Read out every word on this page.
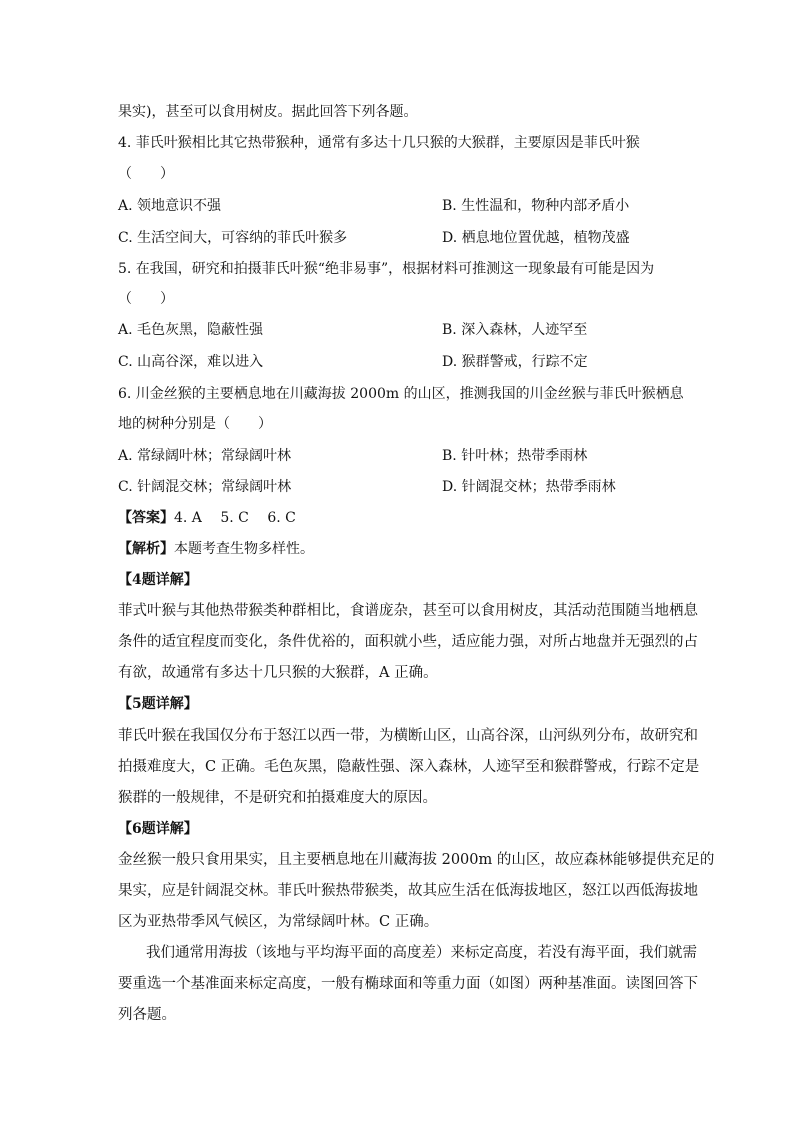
果实)，甚至可以食用树皮。据此回答下列各题。
4. 菲氏叶猴相比其它热带猴种，通常有多达十几只猴的大猴群，主要原因是菲氏叶猴
（　　）
A. 领地意识不强	B. 生性温和，物种内部矛盾小
C. 生活空间大，可容纳的菲氏叶猴多	D. 栖息地位置优越，植物茂盛
5. 在我国，研究和拍摄菲氏叶猴“绝非易事”，根据材料可推测这一现象最有可能是因为
（　　）
A. 毛色灰黑，隐蔽性强	B. 深入森林，人迹罕至
C. 山高谷深，难以进入	D. 猴群警戒，行踪不定
6. 川金丝猴的主要栖息地在川藏海拔 2000m 的山区，推测我国的川金丝猴与菲氏叶猴栖息
地的树种分别是（　　）
A. 常绿阔叶林；常绿阔叶林	B. 针叶林；热带季雨林
C. 针阔混交林；常绿阔叶林	D. 针阔混交林；热带季雨林
【答案】4. A　 5. C　 6. C
【解析】本题考查生物多样性。
【4题详解】
菲式叶猴与其他热带猴类种群相比，食谱庞杂，甚至可以食用树皮，其活动范围随当地栖息
条件的适宜程度而变化，条件优裕的，面积就小些，适应能力强，对所占地盘并无强烈的占
有欲，故通常有多达十几只猴的大猴群，A 正确。
【5题详解】
菲氏叶猴在我国仅分布于怒江以西一带，为横断山区，山高谷深，山河纵列分布，故研究和
拍摄难度大，C 正确。毛色灰黑，隐蔽性强、深入森林，人迹罕至和猴群警戒，行踪不定是
猴群的一般规律，不是研究和拍摄难度大的原因。
【6题详解】
金丝猴一般只食用果实，且主要栖息地在川藏海拔 2000m 的山区，故应森林能够提供充足的
果实，应是针阔混交林。菲氏叶猴热带猴类，故其应生活在低海拔地区，怒江以西低海拔地
区为亚热带季风气候区，为常绿阔叶林。C 正确。
我们通常用海拔（该地与平均海平面的高度差）来标定高度，若没有海平面，我们就需
要重选一个基准面来标定高度，一般有椭球面和等重力面（如图）两种基准面。读图回答下
列各题。
